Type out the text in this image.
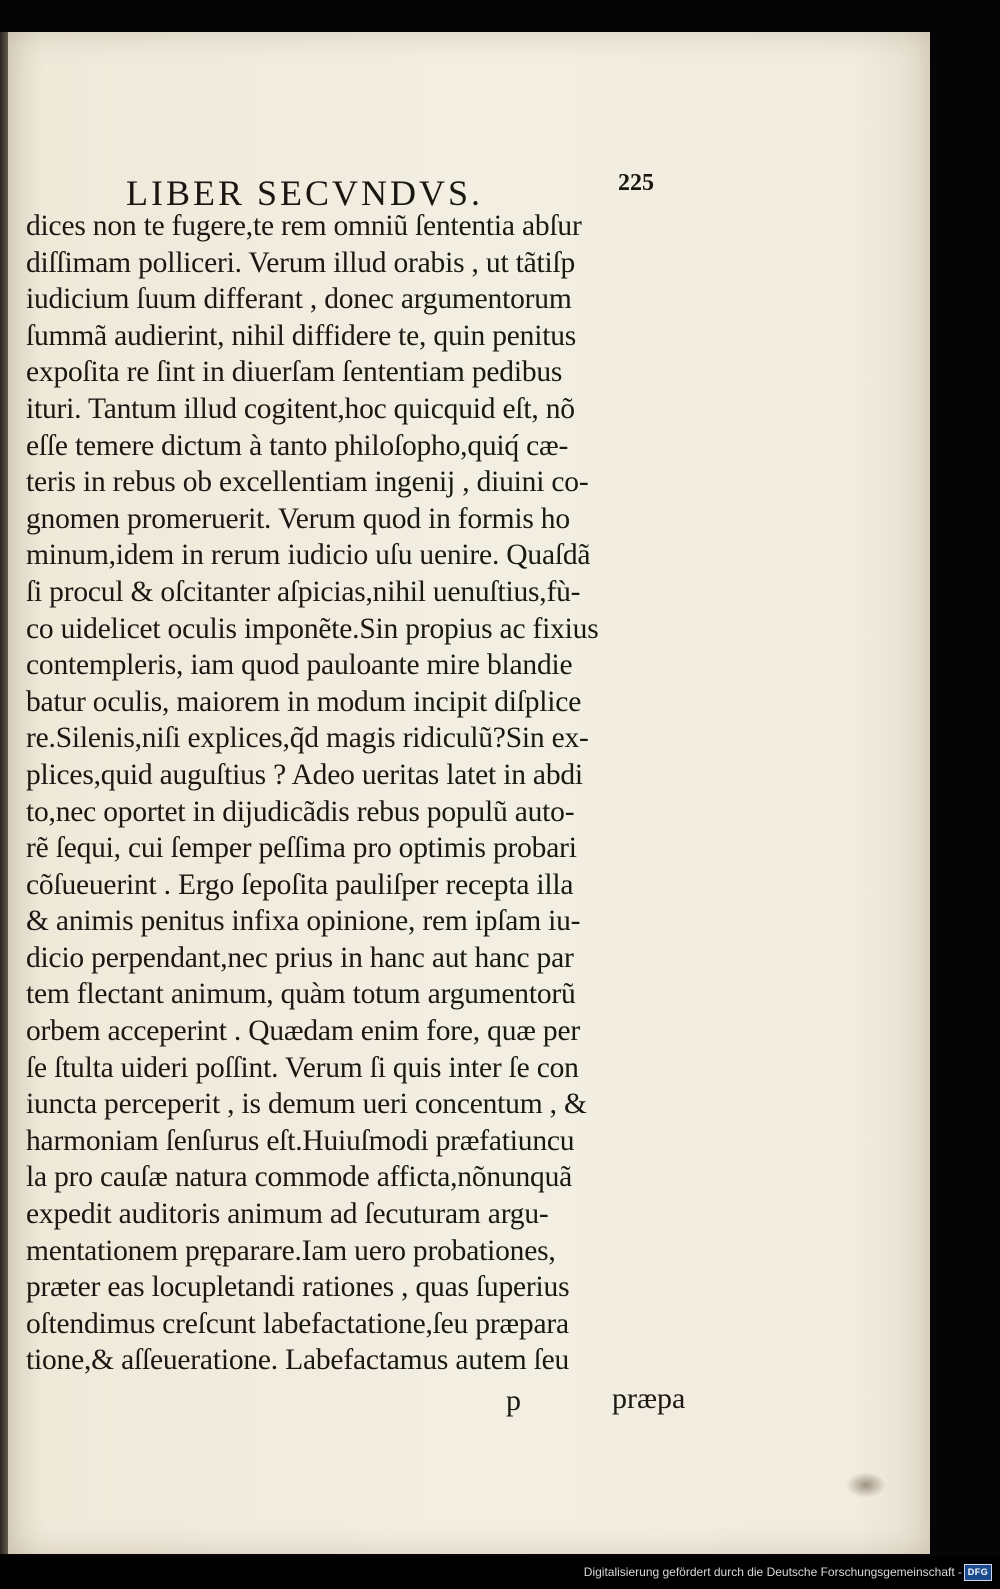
LIBER SECVNDVS.	225
dices non te fugere,te rem omniũ ſententia abſur
diſſimam polliceri. Verum illud orabis , ut tãtiſp
iudicium ſuum differant , donec argumentorum
ſummã audierint, nihil diffidere te, quin penitus
expoſita re ſint in diuerſam ſententiam pedibus
ituri. Tantum illud cogitent,hoc quicquid eſt, nõ
eſſe temere dictum à tanto philoſopho,quiq́ cæ-
teris in rebus ob excellentiam ingenij , diuini co-
gnomen promeruerit. Verum quod in formis ho
minum,idem in rerum iudicio uſu uenire. Quaſdã
ſi procul & oſcitanter aſpicias,nihil uenuſtius,fù-
co uidelicet oculis imponẽte.Sin propius ac fixius
contempleris, iam quod pauloante mire blandie
batur oculis, maiorem in modum incipit diſplice
re.Silenis,niſi explices,q̃d magis ridiculũ?Sin ex-
plices,quid auguſtius ? Adeo ueritas latet in abdi
to,nec oportet in dijudicãdis rebus populũ auto-
rẽ ſequi, cui ſemper peſſima pro optimis probari
cõſueuerint . Ergo ſepoſita pauliſper recepta illa
& animis penitus infixa opinione, rem ipſam iu-
dicio perpendant,nec prius in hanc aut hanc par
tem flectant animum, quàm totum argumentorũ
orbem acceperint . Quædam enim fore, quæ per
ſe ſtulta uideri poſſint. Verum ſi quis inter ſe con
iuncta perceperit , is demum ueri concentum , &
harmoniam ſenſurus eſt.Huiuſmodi præfatiuncu
la pro cauſæ natura commode afficta,nõnunquã
expedit auditoris animum ad ſecuturam argu-
mentationem pręparare.Iam uero probationes,
præter eas locupletandi rationes , quas ſuperius
oſtendimus creſcunt labefactatione,ſeu præpara
tione,& aſſeueratione. Labefactamus autem ſeu
p	præpa
Digitalisierung gefördert durch die Deutsche Forschungsgemeinschaft - DFG
